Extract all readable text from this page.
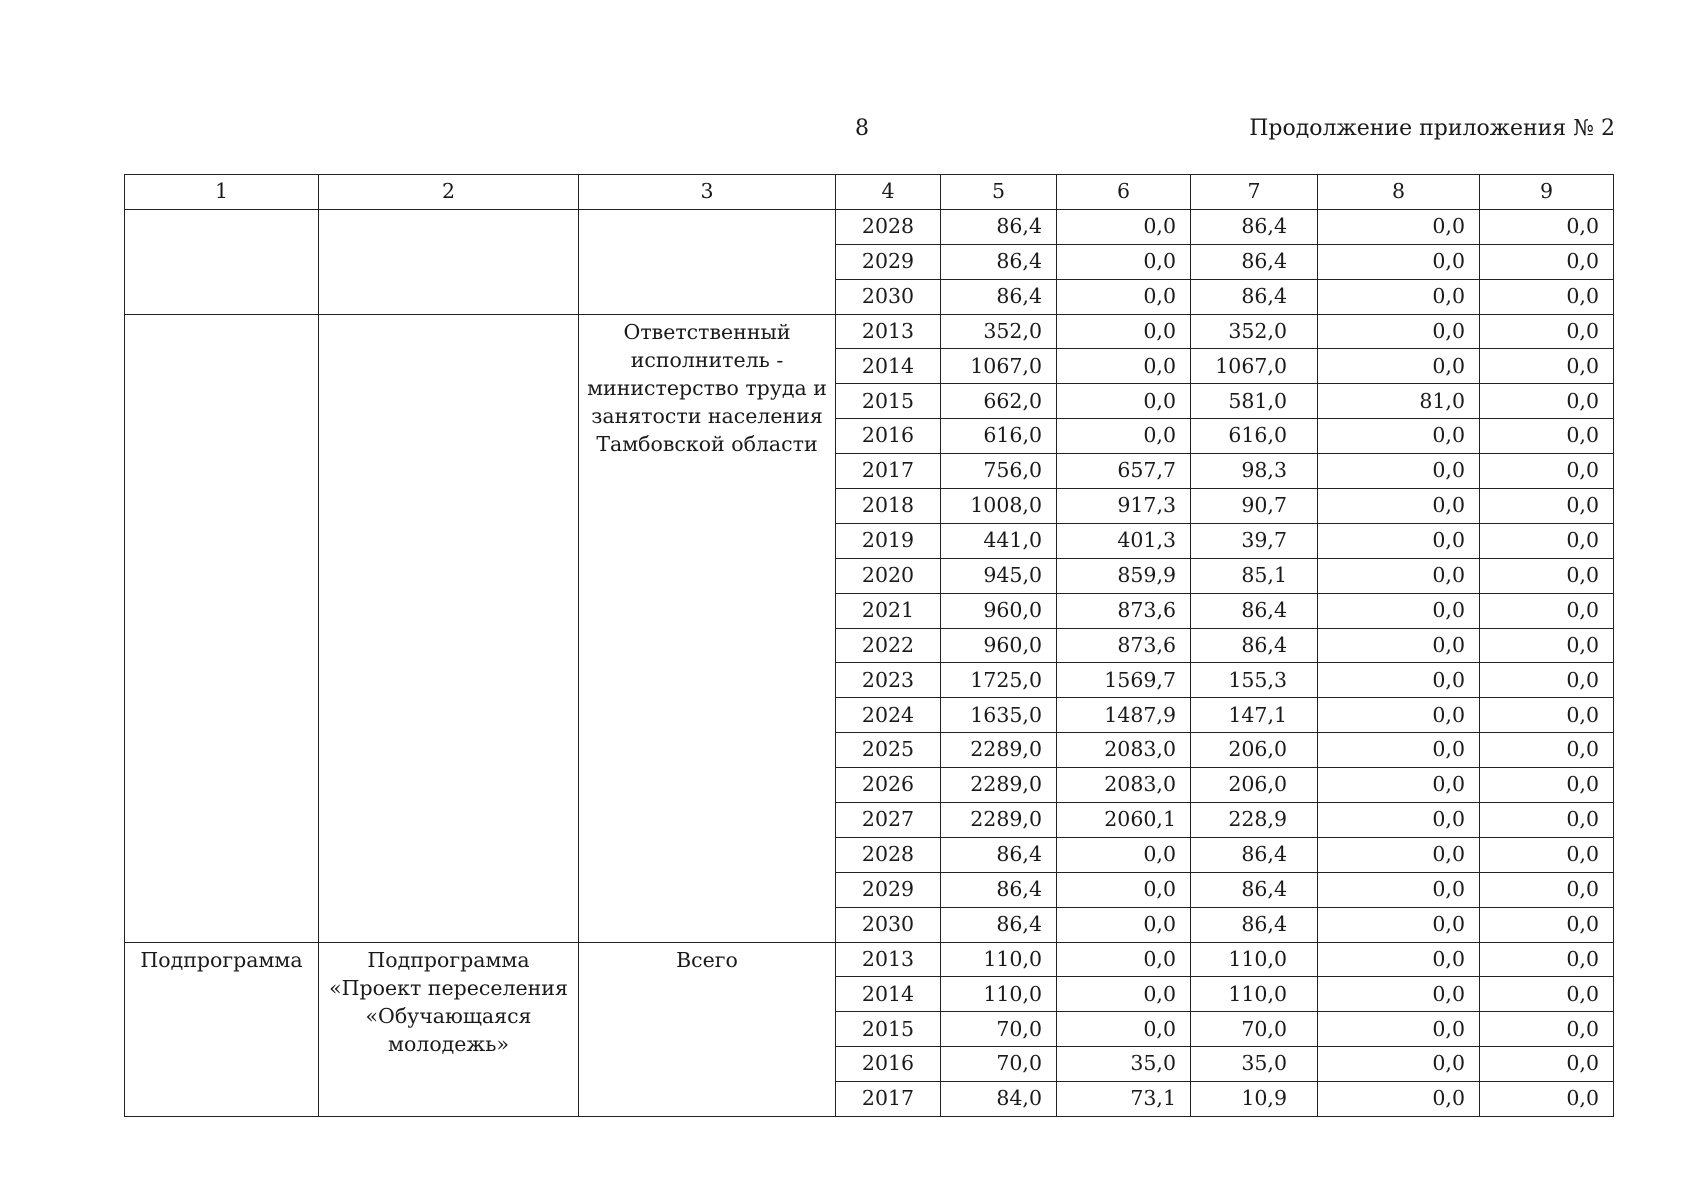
8	Продолжение приложения № 2
1	2	3	4	5	6	7	8	9
			2028	86,4	0,0	86,4	0,0	0,0
			2029	86,4	0,0	86,4	0,0	0,0
			2030	86,4	0,0	86,4	0,0	0,0
		Ответственный исполнитель - министерство труда и занятости населения Тамбовской области	2013	352,0	0,0	352,0	0,0	0,0
			2014	1067,0	0,0	1067,0	0,0	0,0
			2015	662,0	0,0	581,0	81,0	0,0
			2016	616,0	0,0	616,0	0,0	0,0
			2017	756,0	657,7	98,3	0,0	0,0
			2018	1008,0	917,3	90,7	0,0	0,0
			2019	441,0	401,3	39,7	0,0	0,0
			2020	945,0	859,9	85,1	0,0	0,0
			2021	960,0	873,6	86,4	0,0	0,0
			2022	960,0	873,6	86,4	0,0	0,0
			2023	1725,0	1569,7	155,3	0,0	0,0
			2024	1635,0	1487,9	147,1	0,0	0,0
			2025	2289,0	2083,0	206,0	0,0	0,0
			2026	2289,0	2083,0	206,0	0,0	0,0
			2027	2289,0	2060,1	228,9	0,0	0,0
			2028	86,4	0,0	86,4	0,0	0,0
			2029	86,4	0,0	86,4	0,0	0,0
			2030	86,4	0,0	86,4	0,0	0,0
Подпрограмма	Подпрограмма «Проект переселения «Обучающаяся молодежь»	Всего	2013	110,0	0,0	110,0	0,0	0,0
			2014	110,0	0,0	110,0	0,0	0,0
			2015	70,0	0,0	70,0	0,0	0,0
			2016	70,0	35,0	35,0	0,0	0,0
			2017	84,0	73,1	10,9	0,0	0,0
